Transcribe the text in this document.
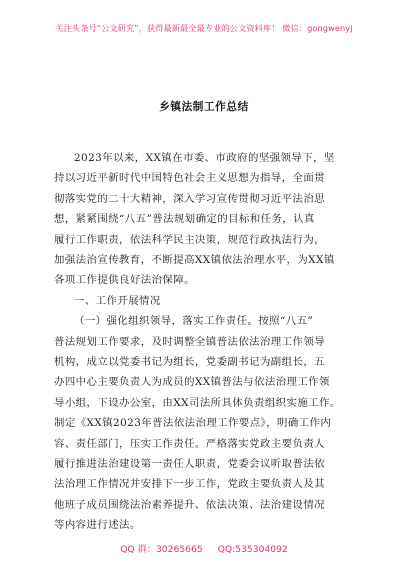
关注头条号“公文研究”，获得最新最全最专业的公文资料库！ 微信：gongwenyj
乡镇法制工作总结
2023年以来，XX镇在市委、市政府的坚强领导下，坚
持以习近平新时代中国特色社会主义思想为指导，全面贯
彻落实党的二十大精神，深入学习宣传贯彻习近平法治思
想，紧紧围绕“八五”普法规划确定的目标和任务，认真
履行工作职责，依法科学民主决策，规范行政执法行为，
加强法治宣传教育，不断提高XX镇依法治理水平，为XX镇
各项工作提供良好法治保障。
一、工作开展情况
（一）强化组织领导，落实工作责任。按照“八五”
普法规划工作要求，及时调整全镇普法依法治理工作领导
机构，成立以党委书记为组长，党委副书记为副组长，五
办四中心主要负责人为成员的XX镇普法与依法治理工作领
导小组，下设办公室，由XX司法所具体负责组织实施工作。
制定《XX镇2023年普法依法治理工作要点》，明确工作内
容、责任部门，压实工作责任。严格落实党政主要负责人
履行推进法治建设第一责任人职责，党委会议听取普法依
法治理工作情况并安排下一步工作，党政主要负责人及其
他班子成员围绕法治素养提升、依法决策、法治建设情况
等内容进行述法。
QQ 群：30265665 QQ:535304092
